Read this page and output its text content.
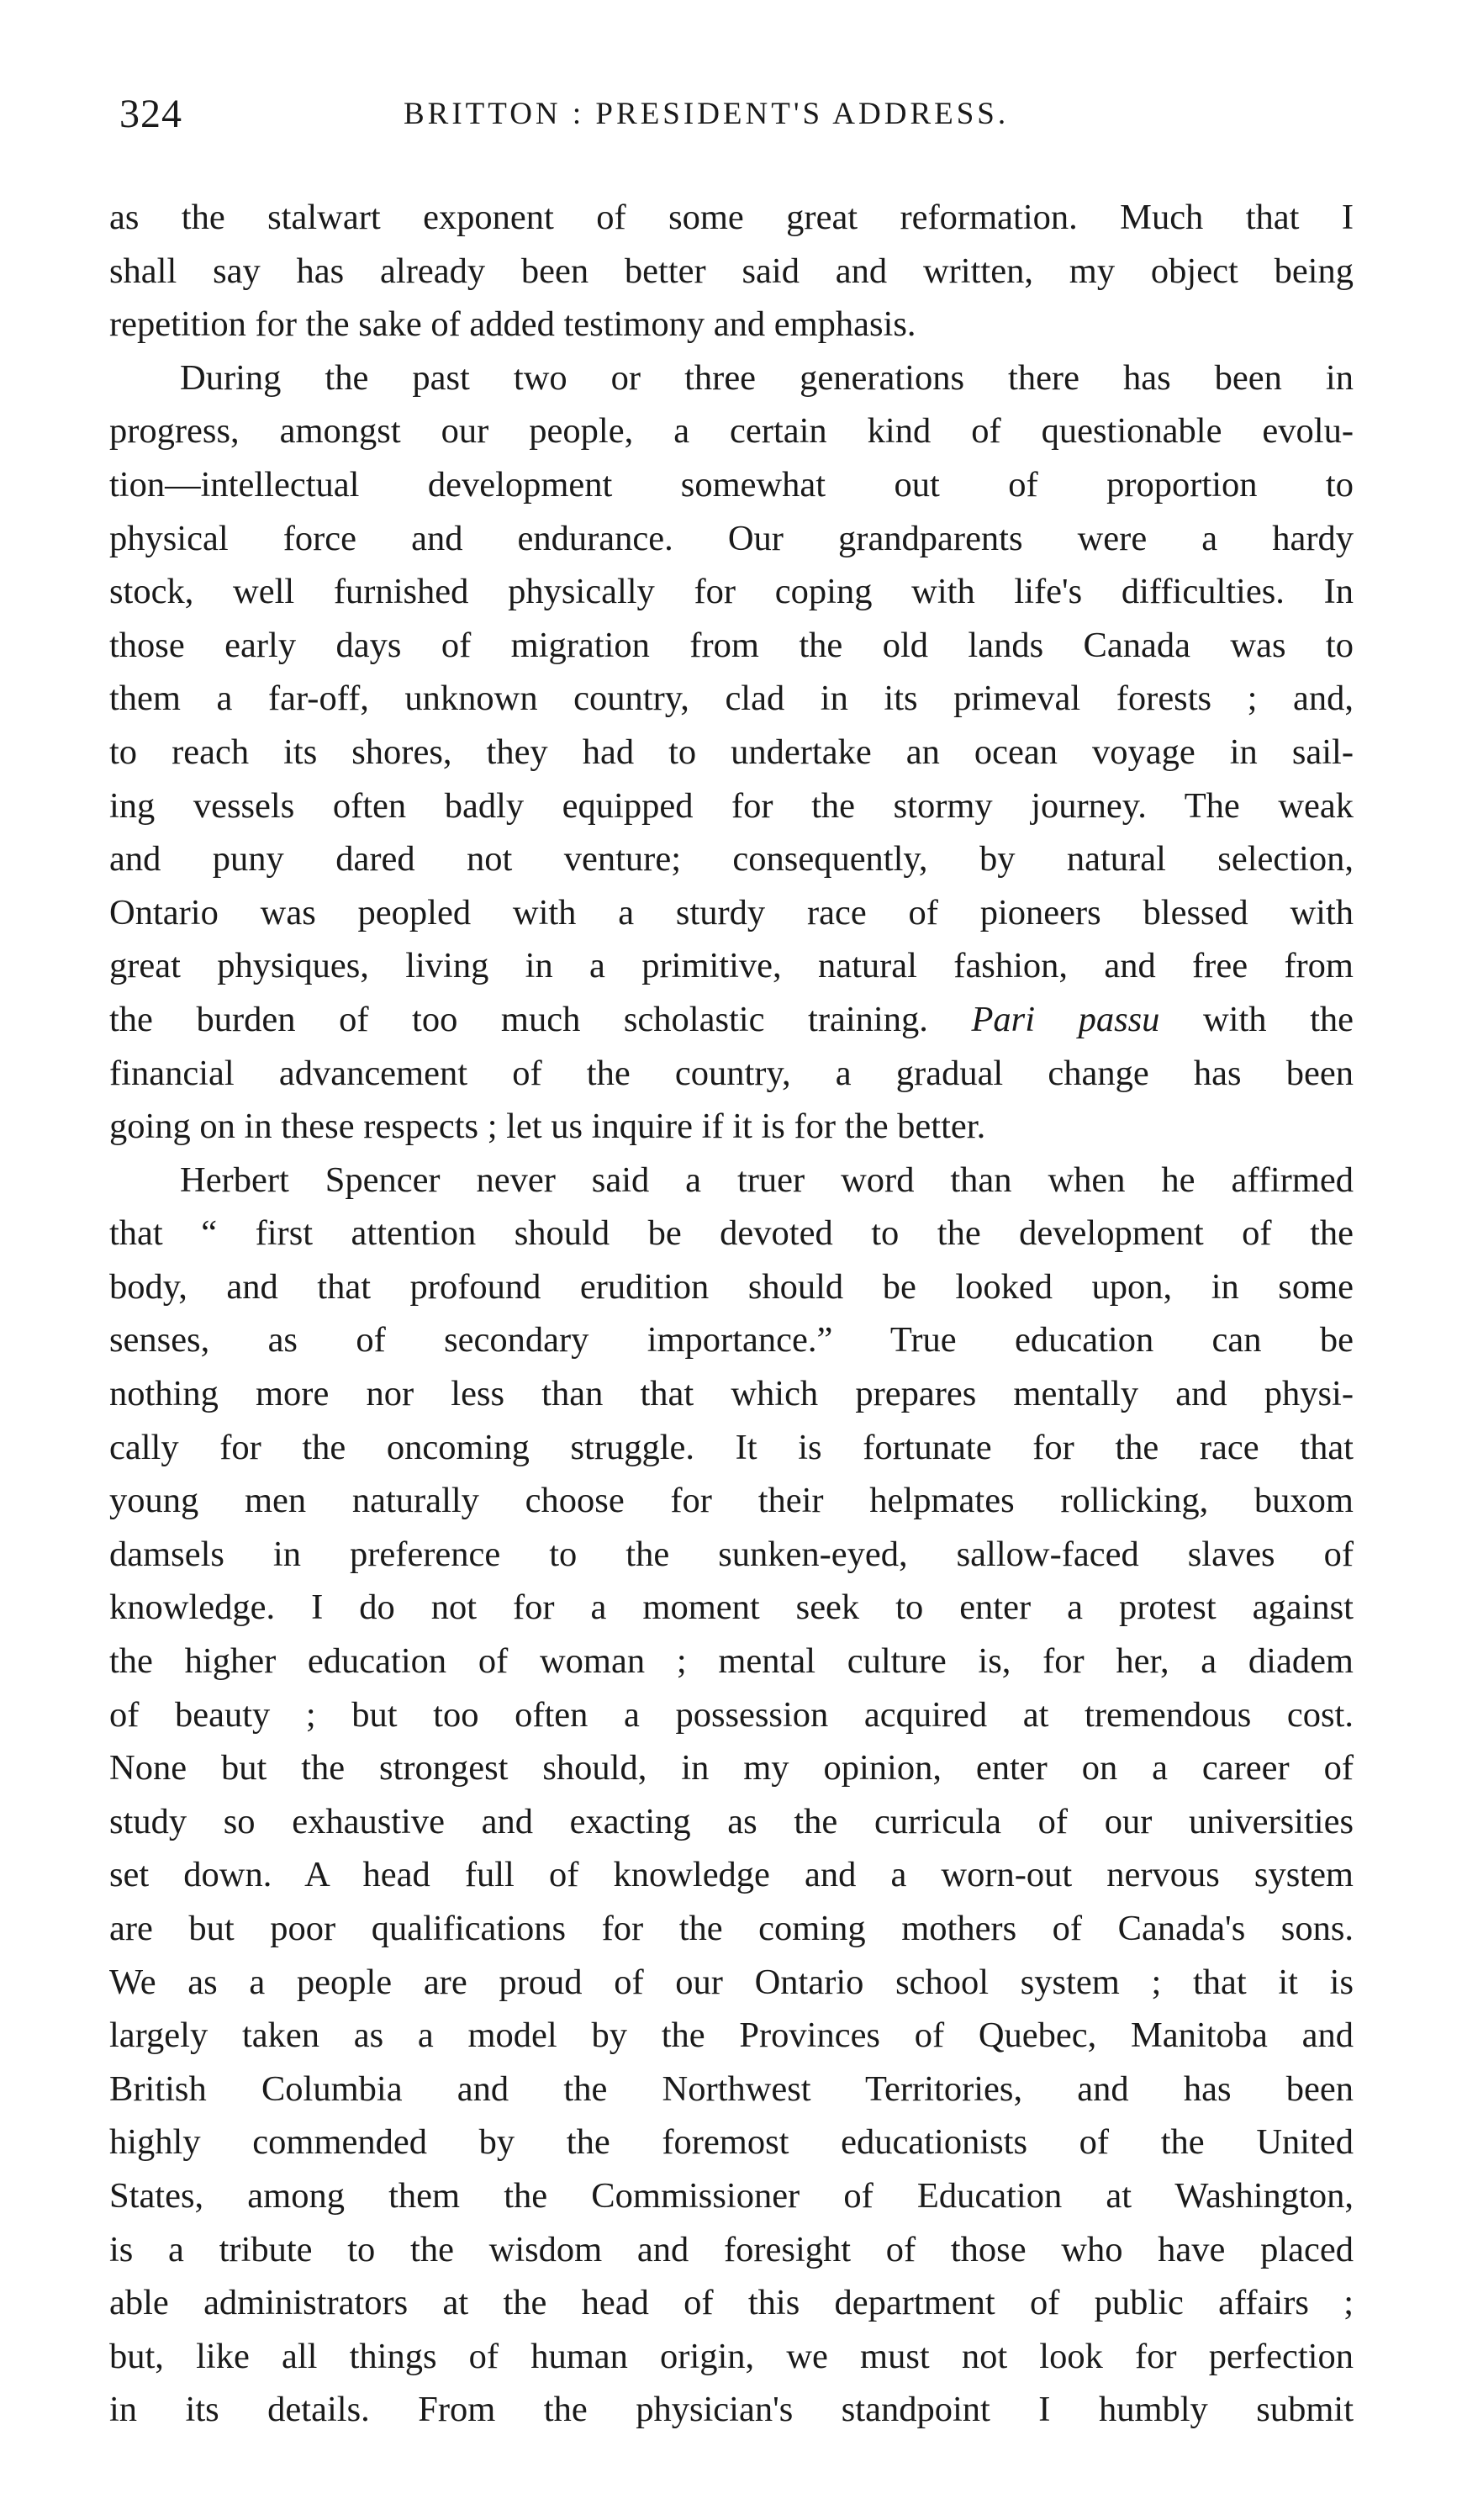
324	BRITTON : PRESIDENT'S ADDRESS.

as the stalwart exponent of some great reformation. Much that I
shall say has already been better said and written, my object being
repetition for the sake of added testimony and emphasis.

During the past two or three generations there has been in
progress, amongst our people, a certain kind of questionable evolu-
tion—intellectual development somewhat out of proportion to
physical force and endurance. Our grandparents were a hardy
stock, well furnished physically for coping with life's difficulties. In
those early days of migration from the old lands Canada was to
them a far-off, unknown country, clad in its primeval forests ; and,
to reach its shores, they had to undertake an ocean voyage in sail-
ing vessels often badly equipped for the stormy journey. The weak
and puny dared not venture; consequently, by natural selection,
Ontario was peopled with a sturdy race of pioneers blessed with
great physiques, living in a primitive, natural fashion, and free from
the burden of too much scholastic training. Pari passu with the
financial advancement of the country, a gradual change has been
going on in these respects ; let us inquire if it is for the better.

Herbert Spencer never said a truer word than when he affirmed
that “ first attention should be devoted to the development of the
body, and that profound erudition should be looked upon, in some
senses, as of secondary importance.” True education can be
nothing more nor less than that which prepares mentally and physi-
cally for the oncoming struggle. It is fortunate for the race that
young men naturally choose for their helpmates rollicking, buxom
damsels in preference to the sunken-eyed, sallow-faced slaves of
knowledge. I do not for a moment seek to enter a protest against
the higher education of woman ; mental culture is, for her, a diadem
of beauty ; but too often a possession acquired at tremendous cost.
None but the strongest should, in my opinion, enter on a career of
study so exhaustive and exacting as the curricula of our universities
set down. A head full of knowledge and a worn-out nervous system
are but poor qualifications for the coming mothers of Canada's sons.
We as a people are proud of our Ontario school system ; that it is
largely taken as a model by the Provinces of Quebec, Manitoba and
British Columbia and the Northwest Territories, and has been
highly commended by the foremost educationists of the United
States, among them the Commissioner of Education at Washington,
is a tribute to the wisdom and foresight of those who have placed
able administrators at the head of this department of public affairs ;
but, like all things of human origin, we must not look for perfection
in its details. From the physician's standpoint I humbly submit
